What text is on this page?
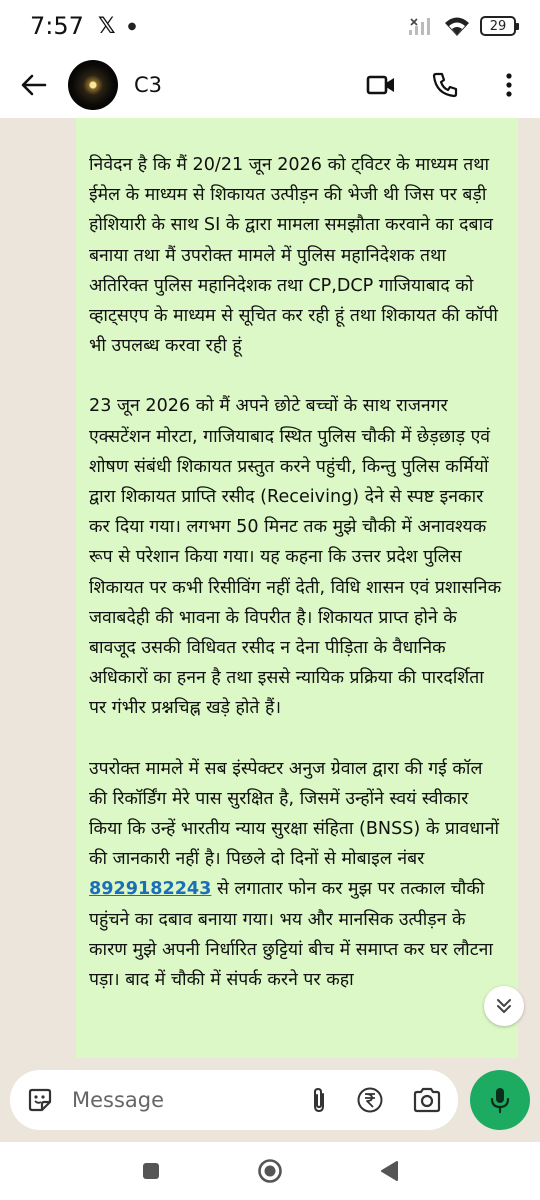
7:57 𝕏 ●	29
C3

निवेदन है कि मैं 20/21 जून 2026 को ट्विटर के माध्यम तथा ईमेल के माध्यम से शिकायत उत्पीड़न की भेजी थी जिस पर बड़ी होशियारी के साथ SI के द्वारा मामला समझौता करवाने का दबाव बनाया तथा मैं उपरोक्त मामले में पुलिस महानिदेशक तथा अतिरिक्त पुलिस महानिदेशक तथा CP,DCP गाजियाबाद को व्हाट्सएप के माध्यम से सूचित कर रही हूं तथा शिकायत की कॉपी भी उपलब्ध करवा रही हूं

23 जून 2026 को मैं अपने छोटे बच्चों के साथ राजनगर एक्सटेंशन मोरटा, गाजियाबाद स्थित पुलिस चौकी में छेड़छाड़ एवं शोषण संबंधी शिकायत प्रस्तुत करने पहुंची, किन्तु पुलिस कर्मियों द्वारा शिकायत प्राप्ति रसीद (Receiving) देने से स्पष्ट इनकार कर दिया गया। लगभग 50 मिनट तक मुझे चौकी में अनावश्यक रूप से परेशान किया गया। यह कहना कि उत्तर प्रदेश पुलिस शिकायत पर कभी रिसीविंग नहीं देती, विधि शासन एवं प्रशासनिक जवाबदेही की भावना के विपरीत है। शिकायत प्राप्त होने के बावजूद उसकी विधिवत रसीद न देना पीड़िता के वैधानिक अधिकारों का हनन है तथा इससे न्यायिक प्रक्रिया की पारदर्शिता पर गंभीर प्रश्नचिह्न खड़े होते हैं।

उपरोक्त मामले में सब इंस्पेक्टर अनुज ग्रेवाल द्वारा की गई कॉल की रिकॉर्डिंग मेरे पास सुरक्षित है, जिसमें उन्होंने स्वयं स्वीकार किया कि उन्हें भारतीय न्याय सुरक्षा संहिता (BNSS) के प्रावधानों की जानकारी नहीं है। पिछले दो दिनों से मोबाइल नंबर 8929182243 से लगातार फोन कर मुझ पर तत्काल चौकी पहुंचने का दबाव बनाया गया। भय और मानसिक उत्पीड़न के कारण मुझे अपनी निर्धारित छुट्टियां बीच में समाप्त कर घर लौटना पड़ा। बाद में चौकी में संपर्क करने पर कहा

Message
